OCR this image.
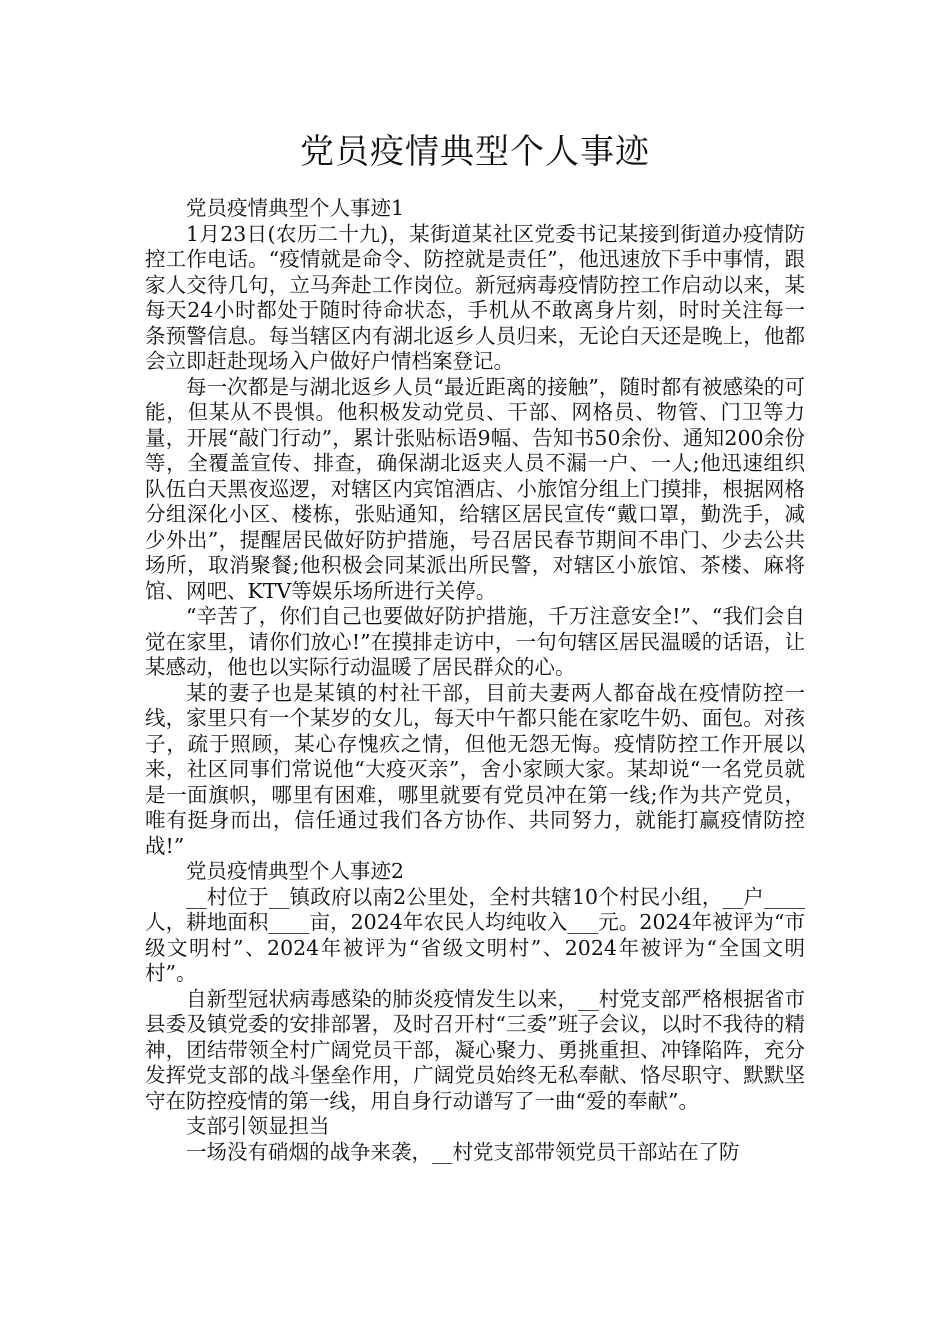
党员疫情典型个人事迹

党员疫情典型个人事迹1

1月23日(农历二十九)，某街道某社区党委书记某接到街道办疫情防控工作电话。“疫情就是命令、防控就是责任”，他迅速放下手中事情，跟家人交待几句，立马奔赴工作岗位。新冠病毒疫情防控工作启动以来，某每天24小时都处于随时待命状态，手机从不敢离身片刻，时时关注每一条预警信息。每当辖区内有湖北返乡人员归来，无论白天还是晚上，他都会立即赶赴现场入户做好户情档案登记。

每一次都是与湖北返乡人员“最近距离的接触”，随时都有被感染的可能，但某从不畏惧。他积极发动党员、干部、网格员、物管、门卫等力量，开展“敲门行动”，累计张贴标语9幅、告知书50余份、通知200余份等，全覆盖宣传、排查，确保湖北返夹人员不漏一户、一人;他迅速组织队伍白天黑夜巡逻，对辖区内宾馆酒店、小旅馆分组上门摸排，根据网格分组深化小区、楼栋，张贴通知，给辖区居民宣传“戴口罩，勤洗手，减少外出”，提醒居民做好防护措施，号召居民春节期间不串门、少去公共场所，取消聚餐;他积极会同某派出所民警，对辖区小旅馆、茶楼、麻将馆、网吧、KTV等娱乐场所进行关停。

“辛苦了，你们自己也要做好防护措施，千万注意安全!”、“我们会自觉在家里，请你们放心!”在摸排走访中，一句句辖区居民温暖的话语，让某感动，他也以实际行动温暖了居民群众的心。

某的妻子也是某镇的村社干部，目前夫妻两人都奋战在疫情防控一线，家里只有一个某岁的女儿，每天中午都只能在家吃牛奶、面包。对孩子，疏于照顾，某心存愧疚之情，但他无怨无悔。疫情防控工作开展以来，社区同事们常说他“大疫灭亲”，舍小家顾大家。某却说“一名党员就是一面旗帜，哪里有困难，哪里就要有党员冲在第一线;作为共产党员，唯有挺身而出，信任通过我们各方协作、共同努力，就能打赢疫情防控战!”

党员疫情典型个人事迹2

__村位于__镇政府以南2公里处，全村共辖10个村民小组，__户____人，耕地面积____亩，2024年农民人均纯收入___元。2024年被评为“市级文明村”、2024年被评为“省级文明村”、2024年被评为“全国文明村”。

自新型冠状病毒感染的肺炎疫情发生以来，__村党支部严格根据省市县委及镇党委的安排部署，及时召开村“三委”班子会议，以时不我待的精神，团结带领全村广阔党员干部，凝心聚力、勇挑重担、冲锋陷阵，充分发挥党支部的战斗堡垒作用，广阔党员始终无私奉献、恪尽职守、默默坚守在防控疫情的第一线，用自身行动谱写了一曲“爱的奉献”。

支部引领显担当

一场没有硝烟的战争来袭，__村党支部带领党员干部站在了防
